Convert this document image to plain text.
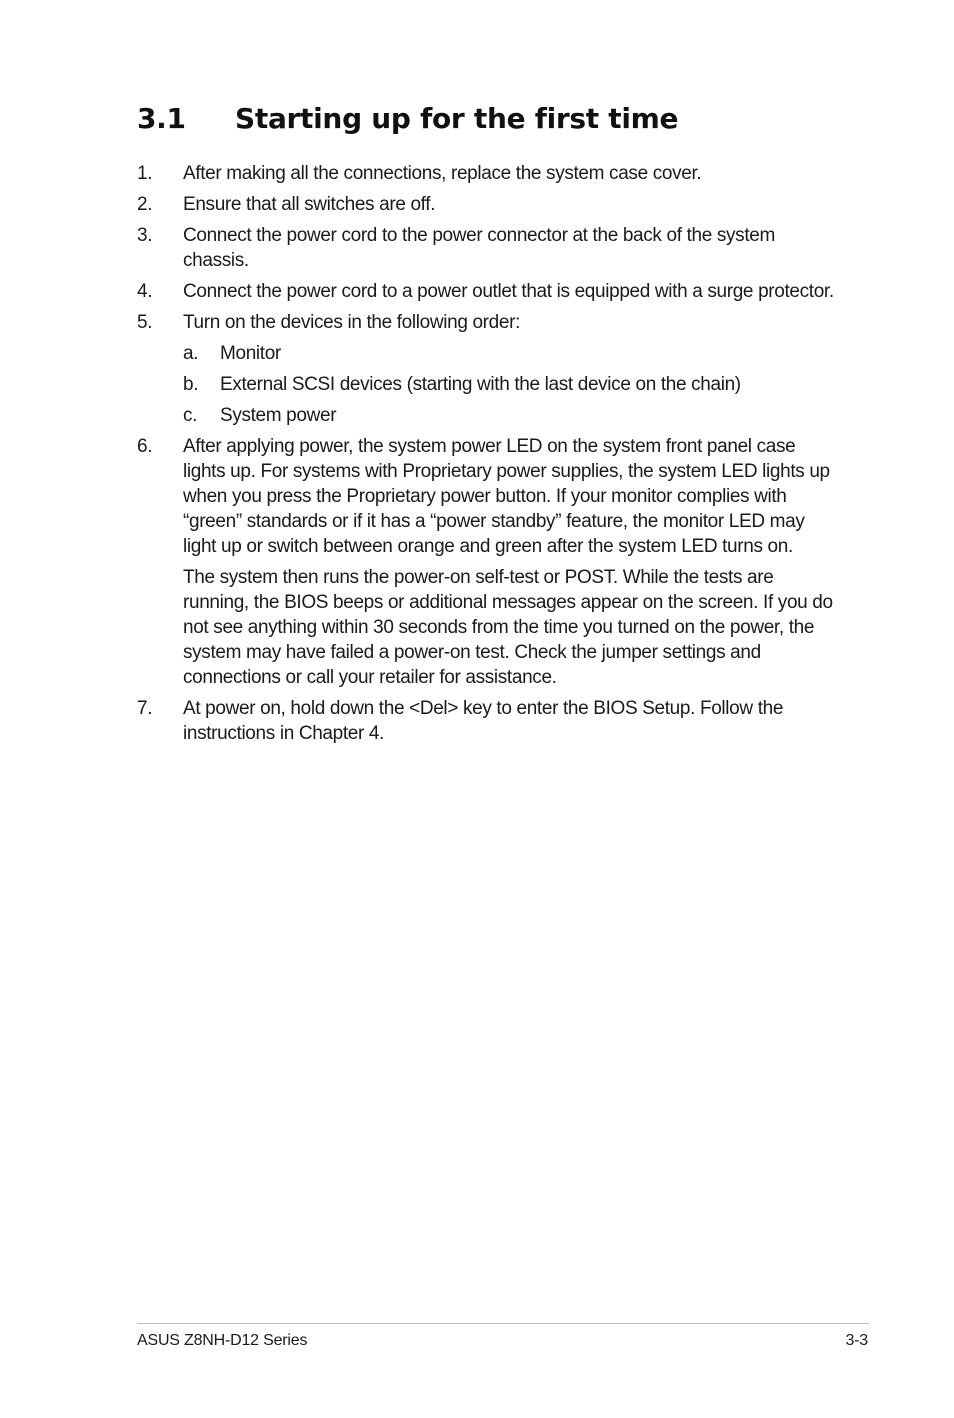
3.1 Starting up for the first time
1. After making all the connections, replace the system case cover.

2. Ensure that all switches are off.

3. Connect the power cord to the power connector at the back of the system chassis.

4. Connect the power cord to a power outlet that is equipped with a surge protector.

5. Turn on the devices in the following order:

a. Monitor
b. External SCSI devices (starting with the last device on the chain)
c. System power
6. After applying power, the system power LED on the system front panel case lights up. For systems with Proprietary power supplies, the system LED lights up when you press the Proprietary power button. If your monitor complies with “green” standards or if it has a “power standby” feature, the monitor LED may light up or switch between orange and green after the system LED turns on.

The system then runs the power-on self-test or POST. While the tests are running, the BIOS beeps or additional messages appear on the screen. If you do not see anything within 30 seconds from the time you turned on the power, the system may have failed a power-on test. Check the jumper settings and connections or call your retailer for assistance.

7. At power on, hold down the <Del> key to enter the BIOS Setup. Follow the instructions in Chapter 4.

ASUS Z8NH-D12 Series	3-3
